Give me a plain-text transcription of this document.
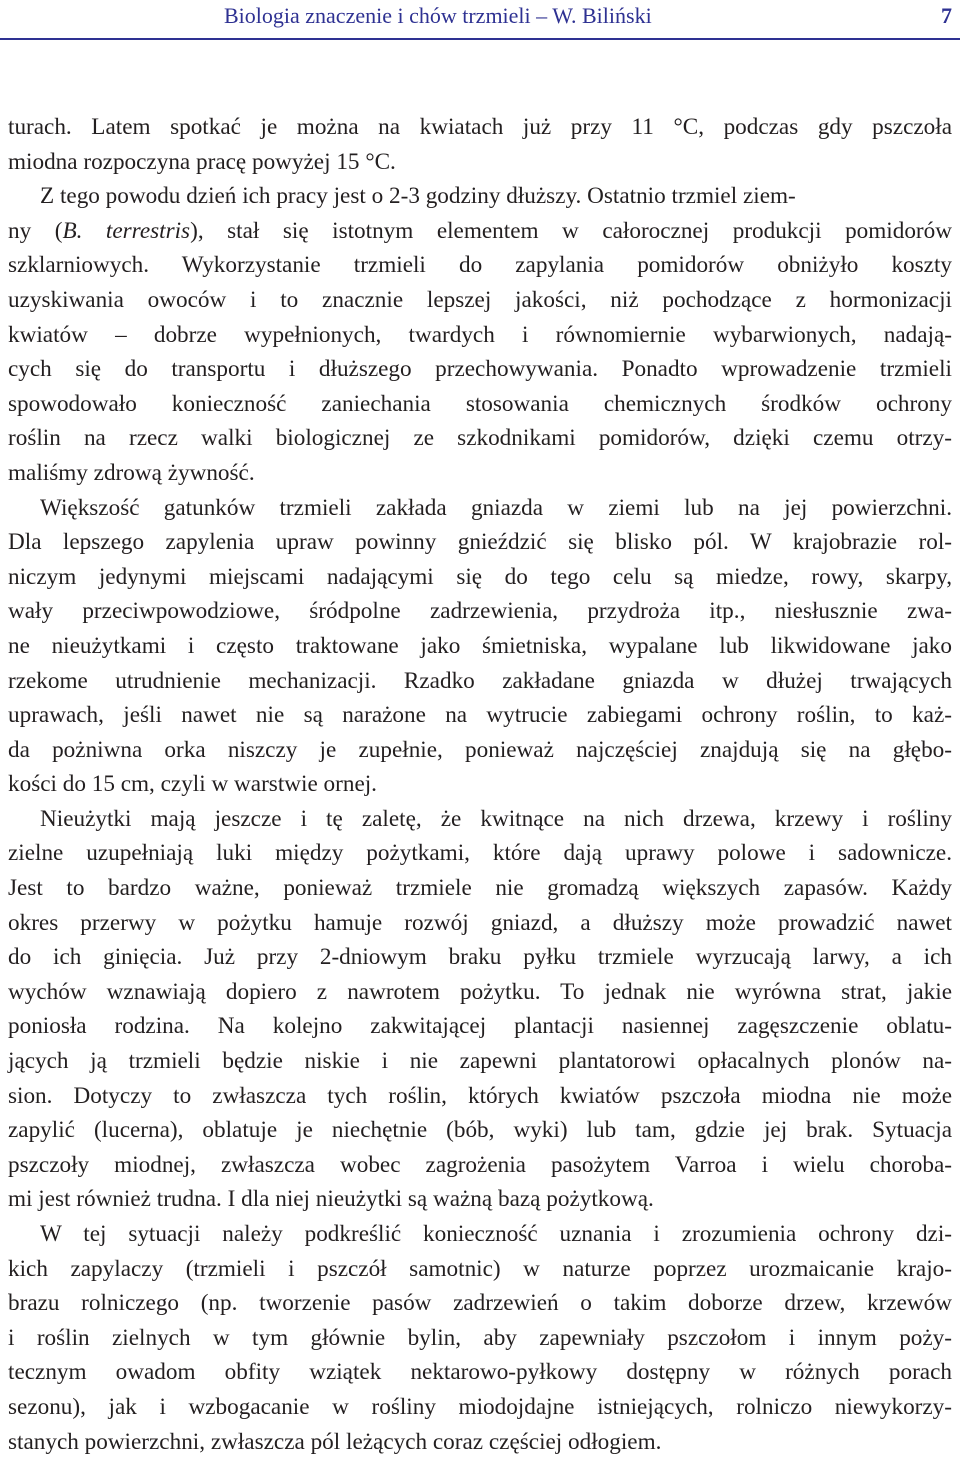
Biologia znaczenie i chów trzmieli – W. Biliński	7
turach. Latem spotkać je można na kwiatach już przy 11 °C, podczas gdy pszczoła
miodna rozpoczyna pracę powyżej 15 °C.
Z tego powodu dzień ich pracy jest o 2-3 godziny dłuższy. Ostatnio trzmiel ziem-
ny (B. terrestris), stał się istotnym elementem w całorocznej produkcji pomidorów
szklarniowych. Wykorzystanie trzmieli do zapylania pomidorów obniżyło koszty
uzyskiwania owoców i to znacznie lepszej jakości, niż pochodzące z hormonizacji
kwiatów – dobrze wypełnionych, twardych i równomiernie wybarwionych, nadają-
cych się do transportu i dłuższego przechowywania. Ponadto wprowadzenie trzmieli
spowodowało konieczność zaniechania stosowania chemicznych środków ochrony
roślin na rzecz walki biologicznej ze szkodnikami pomidorów, dzięki czemu otrzy-
maliśmy zdrową żywność.
Większość gatunków trzmieli zakłada gniazda w ziemi lub na jej powierzchni.
Dla lepszego zapylenia upraw powinny gnieździć się blisko pól. W krajobrazie rol-
niczym jedynymi miejscami nadającymi się do tego celu są miedze, rowy, skarpy,
wały przeciwpowodziowe, śródpolne zadrzewienia, przydroża itp., niesłusznie zwa-
ne nieużytkami i często traktowane jako śmietniska, wypalane lub likwidowane jako
rzekome utrudnienie mechanizacji. Rzadko zakładane gniazda w dłużej trwających
uprawach, jeśli nawet nie są narażone na wytrucie zabiegami ochrony roślin, to każ-
da pożniwna orka niszczy je zupełnie, ponieważ najczęściej znajdują się na głębo-
kości do 15 cm, czyli w warstwie ornej.
Nieużytki mają jeszcze i tę zaletę, że kwitnące na nich drzewa, krzewy i rośliny
zielne uzupełniają luki między pożytkami, które dają uprawy polowe i sadownicze.
Jest to bardzo ważne, ponieważ trzmiele nie gromadzą większych zapasów. Każdy
okres przerwy w pożytku hamuje rozwój gniazd, a dłuższy może prowadzić nawet
do ich ginięcia. Już przy 2-dniowym braku pyłku trzmiele wyrzucają larwy, a ich
wychów wznawiają dopiero z nawrotem pożytku. To jednak nie wyrówna strat, jakie
poniosła rodzina. Na kolejno zakwitającej plantacji nasiennej zagęszczenie oblatu-
jących ją trzmieli będzie niskie i nie zapewni plantatorowi opłacalnych plonów na-
sion. Dotyczy to zwłaszcza tych roślin, których kwiatów pszczoła miodna nie może
zapylić (lucerna), oblatuje je niechętnie (bób, wyki) lub tam, gdzie jej brak. Sytuacja
pszczoły miodnej, zwłaszcza wobec zagrożenia pasożytem Varroa i wielu choroba-
mi jest również trudna. I dla niej nieużytki są ważną bazą pożytkową.
W tej sytuacji należy podkreślić konieczność uznania i zrozumienia ochrony dzi-
kich zapylaczy (trzmieli i pszczół samotnic) w naturze poprzez urozmaicanie krajo-
brazu rolniczego (np. tworzenie pasów zadrzewień o takim doborze drzew, krzewów
i roślin zielnych w tym głównie bylin, aby zapewniały pszczołom i innym poży-
tecznym owadom obfity wziątek nektarowo-pyłkowy dostępny w różnych porach
sezonu), jak i wzbogacanie w rośliny miodojdajne istniejących, rolniczo niewykorzy-
stanych powierzchni, zwłaszcza pól leżących coraz częściej odłogiem.
